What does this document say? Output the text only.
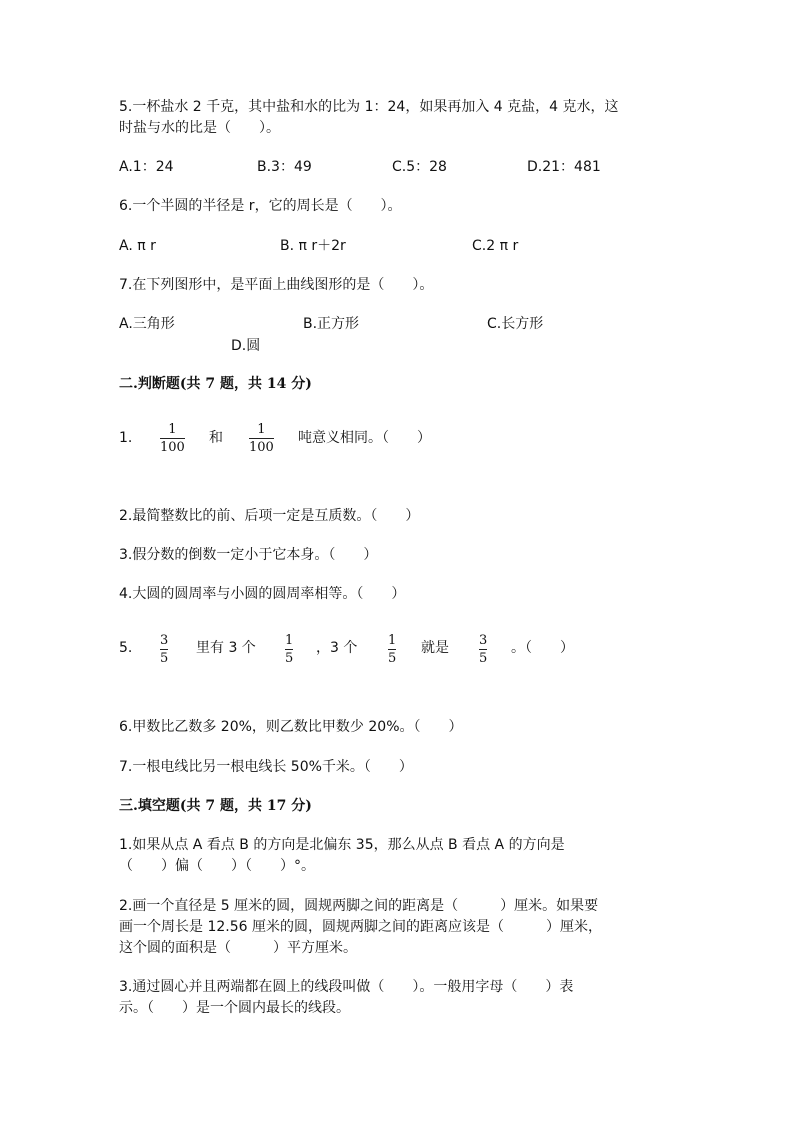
5.一杯盐水 2 千克，其中盐和水的比为 1：24，如果再加入 4 克盐，4 克水，这
时盐与水的比是（　　）。
A.1：24	B.3：49	C.5：28	D.21：481
6.一个半圆的半径是 r，它的周长是（　　）。
A. π r	B. π r＋2r	C.2 π r
7.在下列图形中，是平面上曲线图形的是（　　）。
A.三角形	B.正方形	C.长方形
D.圆
二.判断题(共 7 题，共 14 分)
1.
1
100
和
1
100
吨意义相同。（　　）
2.最简整数比的前、后项一定是互质数。（　　）
3.假分数的倒数一定小于它本身。（　　）
4.大圆的圆周率与小圆的圆周率相等。（　　）
5. 3
5
里有 3 个 1
5
，3 个 1
5
就是 3
5
。（　　）
6.甲数比乙数多 20%，则乙数比甲数少 20%。（　　）
7.一根电线比另一根电线长 50%千米。（　　）
三.填空题(共 7 题，共 17 分)
1.如果从点 A 看点 B 的方向是北偏东 35，那么从点 B 看点 A 的方向是
（　　）偏（　　）（　　）°。
2.画一个直径是 5 厘米的圆，圆规两脚之间的距离是（　　　）厘米。如果要
画一个周长是 12.56 厘米的圆，圆规两脚之间的距离应该是（　　　）厘米，
这个圆的面积是（　　　）平方厘米。
3.通过圆心并且两端都在圆上的线段叫做（　　）。一般用字母（　　）表
示。（　　）是一个圆内最长的线段。
